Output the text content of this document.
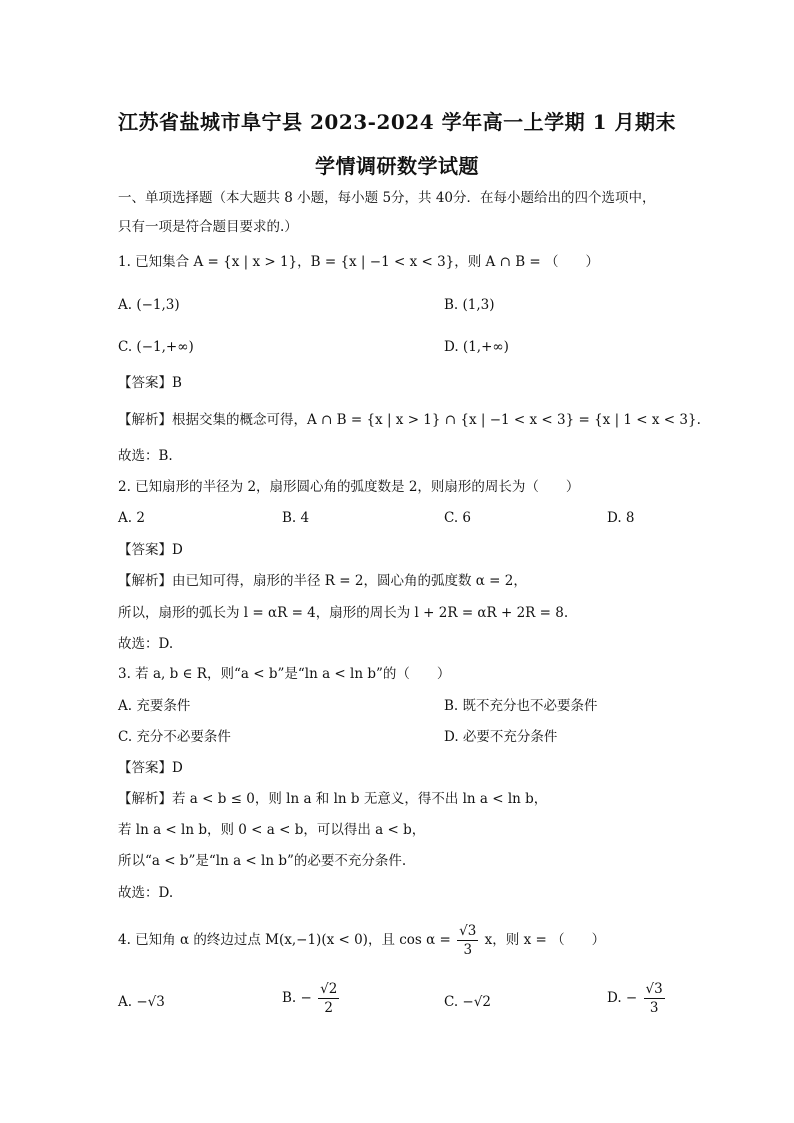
江苏省盐城市阜宁县 2023-2024 学年高一上学期 1 月期末
学情调研数学试题
一、单项选择题（本大题共 8 小题，每小题 5分，共 40分．在每小题给出的四个选项中，
只有一项是符合题目要求的.）
1. 已知集合 A = {x | x > 1}，B = {x | −1 < x < 3}，则 A ∩ B = （　　）
A. (−1,3)	B. (1,3)
C. (−1,+∞)	D. (1,+∞)
【答案】B
【解析】根据交集的概念可得，A ∩ B = {x | x > 1} ∩ {x | −1 < x < 3} = {x | 1 < x < 3}.
故选：B.
2. 已知扇形的半径为 2，扇形圆心角的弧度数是 2，则扇形的周长为（　　）
A. 2	B. 4	C. 6	D. 8
【答案】D
【解析】由已知可得，扇形的半径 R = 2，圆心角的弧度数 α = 2，
所以，扇形的弧长为 l = αR = 4，扇形的周长为 l + 2R = αR + 2R = 8.
故选：D.
3. 若 a, b ∈ R，则“a < b”是“ln a < ln b”的（　　）
A. 充要条件	B. 既不充分也不必要条件
C. 充分不必要条件	D. 必要不充分条件
【答案】D
【解析】若 a < b ≤ 0，则 ln a 和 ln b 无意义，得不出 ln a < ln b，
若 ln a < ln b，则 0 < a < b，可以得出 a < b，
所以“a < b”是“ln a < ln b”的必要不充分条件.
故选：D.
4. 已知角 α 的终边过点 M(x,−1)(x < 0)，且 $\cos \alpha = \frac{√3}{3}$ x，则 x = （　　）
A. −√3	B. − $\frac{√2}{2}$	C. −√2	D. − $\frac{√3}{3}$
